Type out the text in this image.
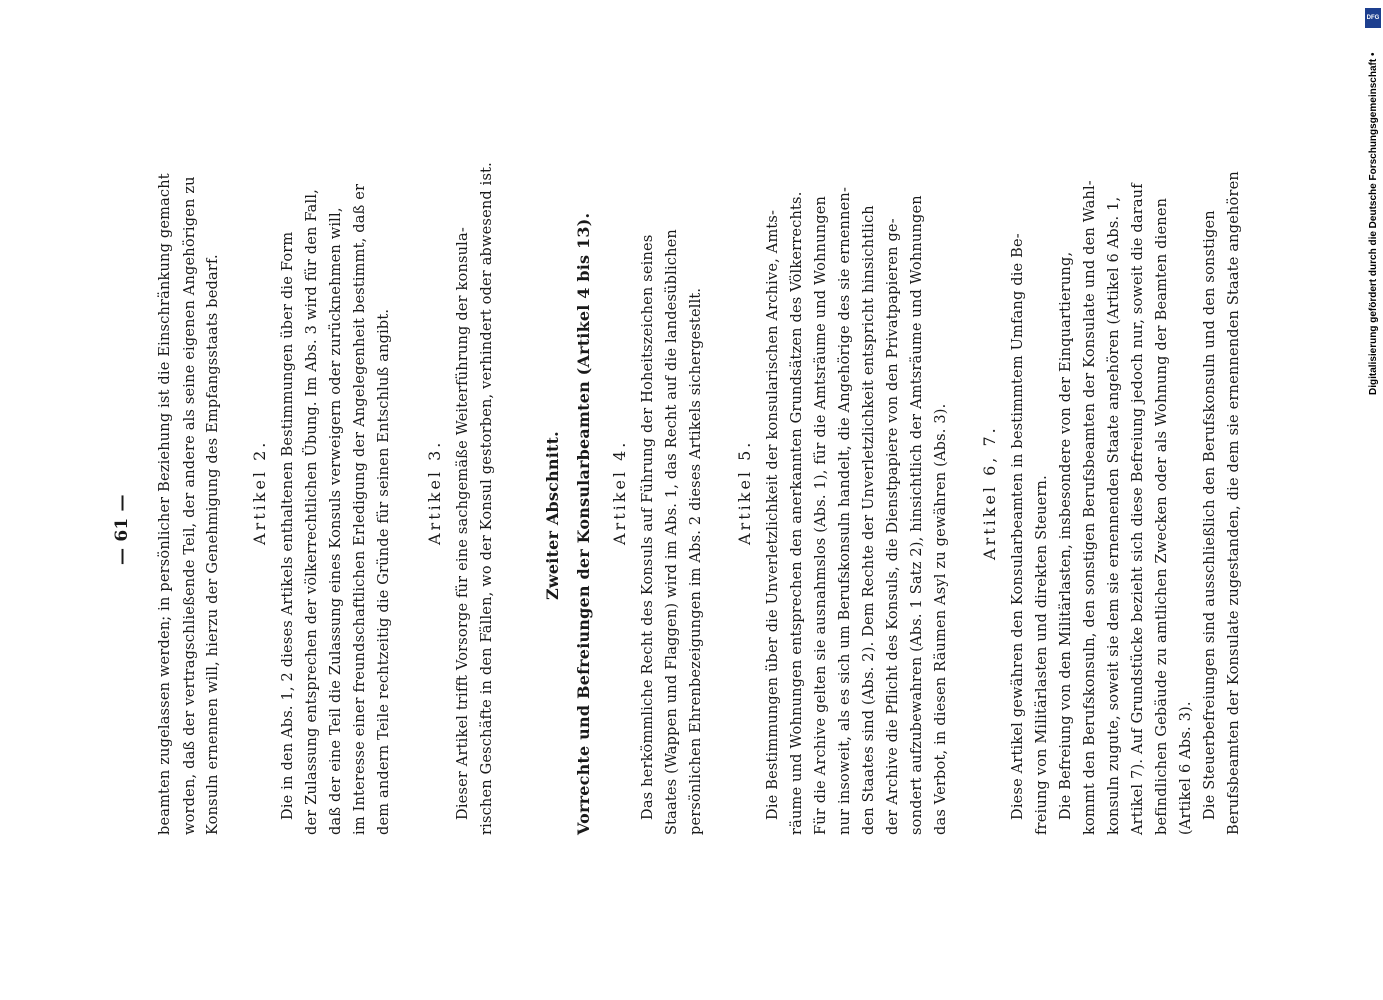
— 61 — beamten zugelassen werden; in persönlicher Beziehung ist die Einschränkung gemacht worden, daß der vertragschließende Teil, der andere als seine eigenen Angehörigen zu Konsuln ernennen will, hierzu der Genehmigung des Empfangsstaats bedarf. Artikel 2. Die in den Abs. 1, 2 dieses Artikels enthaltenen Bestimmungen über die Form der Zulassung entsprechen der völkerrechtlichen Übung. Im Abs. 3 wird für den Fall, daß der eine Teil die Zulassung eines Konsuls verweigern oder zurücknehmen will, im Interesse einer freundschaftlichen Erledigung der Angelegenheit bestimmt, daß er dem andern Teile rechtzeitig die Gründe für seinen Entschluß angibt. Artikel 3. Dieser Artikel trifft Vorsorge für eine sachgemäße Weiterführung der konsula- rischen Geschäfte in den Fällen, wo der Konsul gestorben, verhindert oder abwesend ist.	Zweiter Abschnitt. Vorrechte und Befreiungen der Konsularbeamten (Artikel 4 bis 13). Artikel 4. Das herkömmliche Recht des Konsuls auf Führung der Hoheitszeichen seines Staates (Wappen und Flaggen) wird im Abs. 1, das Recht auf die landesüblichen persönlichen Ehrenbezeigungen im Abs. 2 dieses Artikels sichergestellt. Artikel 5. Die Bestimmungen über die Unverletzlichkeit der konsularischen Archive, Amts- räume und Wohnungen entsprechen den anerkannten Grundsätzen des Völkerrechts. Für die Archive gelten sie ausnahmslos (Abs. 1), für die Amtsräume und Wohnungen nur insoweit, als es sich um Berufskonsuln handelt, die Angehörige des sie ernennen- den Staates sind (Abs. 2). Dem Rechte der Unverletzlichkeit entspricht hinsichtlich der Archive die Pflicht des Konsuls, die Dienstpapiere von den Privatpapieren ge- sondert aufzubewahren (Abs. 1 Satz 2), hinsichtlich der Amtsräume und Wohnungen das Verbot, in diesen Räumen Asyl zu gewähren (Abs. 3). Artikel 6, 7. Diese Artikel gewähren den Konsularbeamten in bestimmtem Umfang die Be- freiung von Militärlasten und direkten Steuern. Die Befreiung von den Militärlasten, insbesondere von der Einquartierung, kommt den Berufskonsuln, den sonstigen Berufsbeamten der Konsulate und den Wahl- konsuln zugute, soweit sie dem sie ernennenden Staate angehören (Artikel 6 Abs. 1, Artikel 7). Auf Grundstücke bezieht sich diese Befreiung jedoch nur, soweit die darauf befindlichen Gebäude zu amtlichen Zwecken oder als Wohnung der Beamten dienen (Artikel 6 Abs. 3). Die Steuerbefreiungen sind ausschließlich den Berufskonsuln und den sonstigen Berufsbeamten der Konsulate zugestanden, die dem sie ernennenden Staate angehören	Digitalisierung gefördert durch die Deutsche Forschungsgemeinschaft •
DFG
